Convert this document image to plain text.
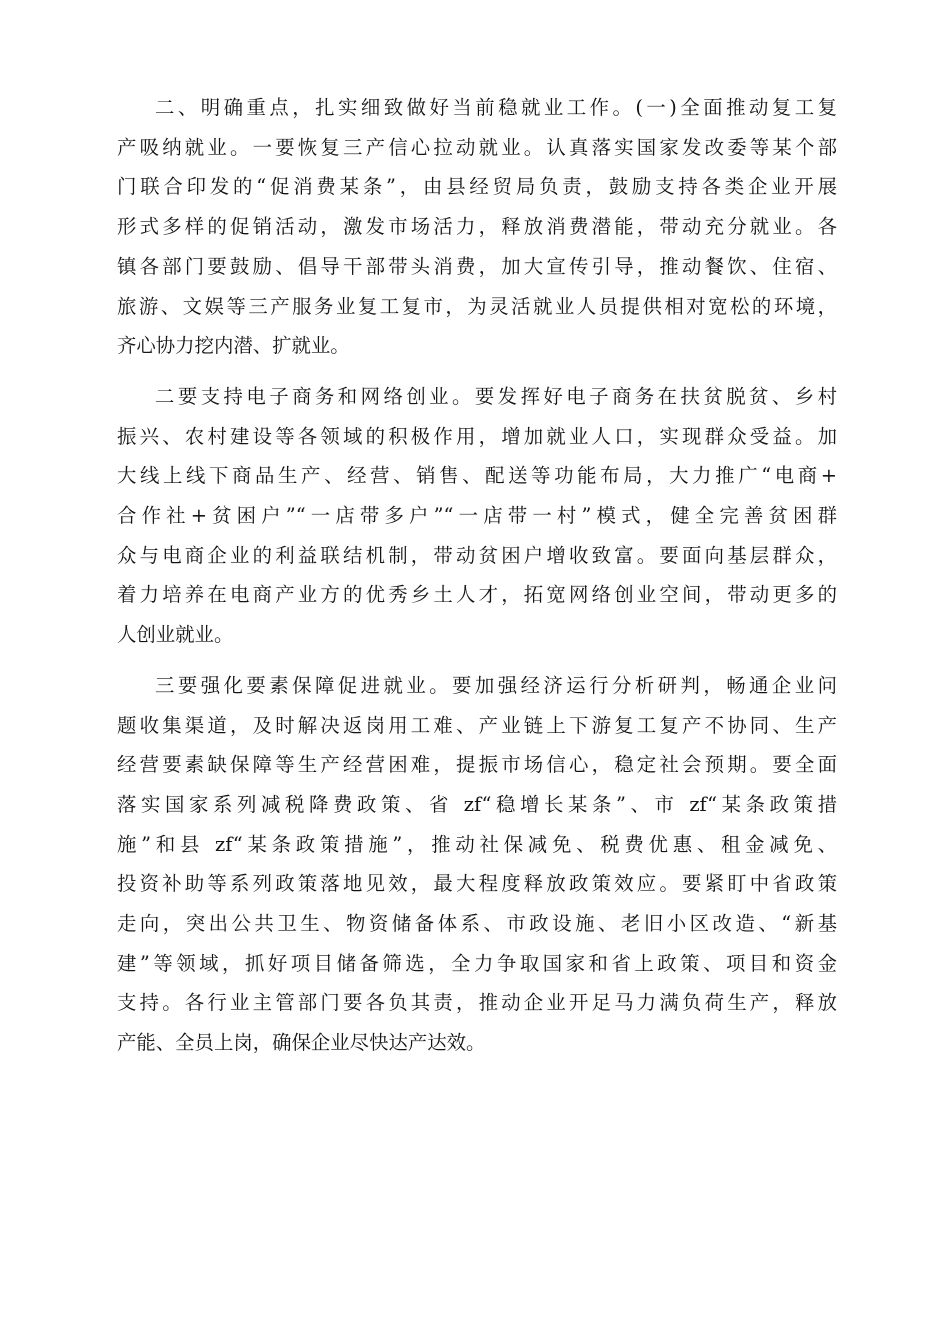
二、明确重点，扎实细致做好当前稳就业工作。(一)全面推动复工复
产吸纳就业。一要恢复三产信心拉动就业。认真落实国家发改委等某个部
门联合印发的“促消费某条”，由县经贸局负责，鼓励支持各类企业开展
形式多样的促销活动，激发市场活力，释放消费潜能，带动充分就业。各
镇各部门要鼓励、倡导干部带头消费，加大宣传引导，推动餐饮、住宿、
旅游、文娱等三产服务业复工复市，为灵活就业人员提供相对宽松的环境，
齐心协力挖内潜、扩就业。

二要支持电子商务和网络创业。要发挥好电子商务在扶贫脱贫、乡村
振兴、农村建设等各领域的积极作用，增加就业人口，实现群众受益。加
大线上线下商品生产、经营、销售、配送等功能布局，大力推广“电商+
合作社+贫困户”“一店带多户”“一店带一村”模式，健全完善贫困群
众与电商企业的利益联结机制，带动贫困户增收致富。要面向基层群众，
着力培养在电商产业方的优秀乡土人才，拓宽网络创业空间，带动更多的
人创业就业。

三要强化要素保障促进就业。要加强经济运行分析研判，畅通企业问
题收集渠道，及时解决返岗用工难、产业链上下游复工复产不协同、生产
经营要素缺保障等生产经营困难，提振市场信心，稳定社会预期。要全面
落实国家系列减税降费政策、省 zf“稳增长某条”、市 zf“某条政策措
施”和县 zf“某条政策措施”，推动社保减免、税费优惠、租金减免、
投资补助等系列政策落地见效，最大程度释放政策效应。要紧盯中省政策
走向，突出公共卫生、物资储备体系、市政设施、老旧小区改造、“新基
建”等领域，抓好项目储备筛选，全力争取国家和省上政策、项目和资金
支持。各行业主管部门要各负其责，推动企业开足马力满负荷生产，释放
产能、全员上岗，确保企业尽快达产达效。
